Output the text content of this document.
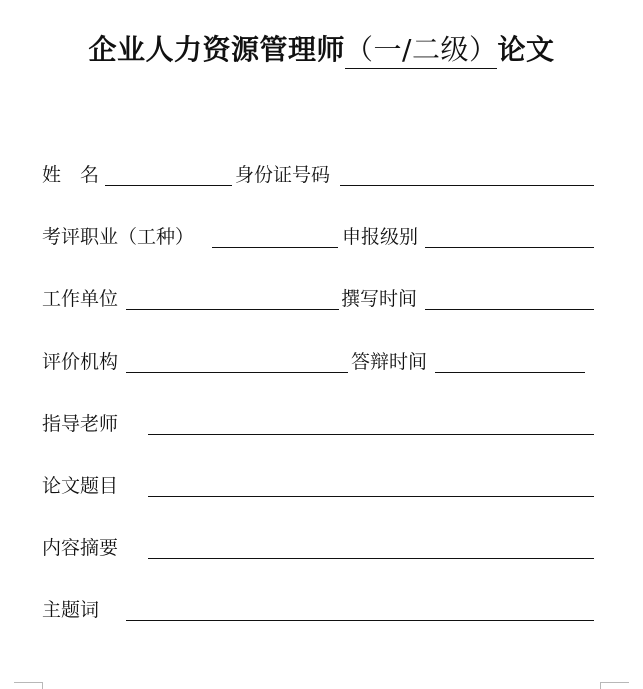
企业人力资源管理师（一/二级）论文
姓　名	身份证号码
考评职业（工种）	申报级别
工作单位	撰写时间
评价机构	答辩时间
指导老师
论文题目
内容摘要
主题词
